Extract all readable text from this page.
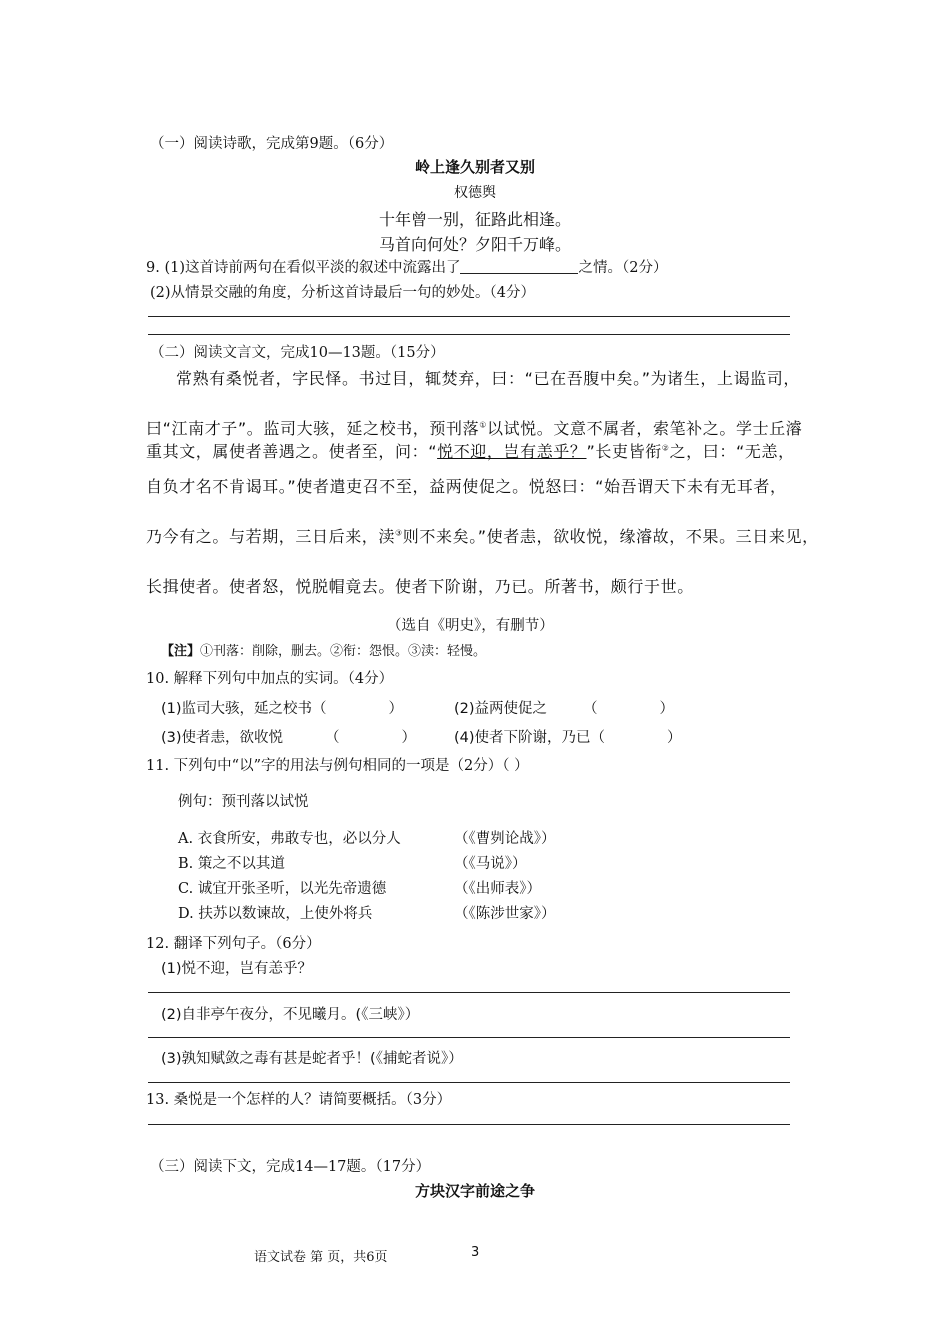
（一）阅读诗歌，完成第9题。（6分）
岭上逢久别者又别
权德舆
十年曾一别，征路此相逢。
马首向何处？夕阳千万峰。
9. (1)这首诗前两句在看似平淡的叙述中流露出了	之情。（2分）
(2)从情景交融的角度，分析这首诗最后一句的妙处。（4分）
（二）阅读文言文，完成10—13题。（15分）
常熟有桑悦者，字民怿。书过目，辄焚弃，曰：“已在吾腹中矣。”为诸生，上谒监司，
曰“江南才子”。监司大骇，延之校书，预刊落①以试悦。文意不属者，索笔补之。学士丘濬
重其文，属使者善遇之。使者至，问：“悦不迎，岂有恙乎？”长吏皆衔②之，曰：“无恙，
自负才名不肯谒耳。”使者遣吏召不至，益两使促之。悦怒曰：“始吾谓天下未有无耳者，
乃今有之。与若期，三日后来，渎③则不来矣。”使者恚，欲收悦，缘濬故，不果。三日来见，
长揖使者。使者怒，悦脱帽竟去。使者下阶谢，乃已。所著书，颇行于世。
（选自《明史》，有删节）
【注】①刊落：削除，删去。②衔：怨恨。③渎：轻慢。
10. 解释下列句中加点的实词。（4分）
(1)监司大骇，延之校书（	）	(2)益两使促之 （	）
(3)使者恚，欲收悦	（	）	(4)使者下阶谢，乃已（	）
11. 下列句中“以”字的用法与例句相同的一项是（2分）（ ）
例句：预刊落以试悦
A. 衣食所安，弗敢专也，必以分人	（《曹刿论战》）
B. 策之不以其道	（《马说》）
C. 诚宜开张圣听，以光先帝遗德	（《出师表》）
D. 扶苏以数谏故，上使外将兵	（《陈涉世家》）
12. 翻译下列句子。（6分）
(1)悦不迎，岂有恙乎？
(2)自非亭午夜分，不见曦月。(《三峡》）
(3)孰知赋敛之毒有甚是蛇者乎！(《捕蛇者说》）
13. 桑悦是一个怎样的人？请简要概括。（3分）
（三）阅读下文，完成14—17题。（17分）
方块汉字前途之争
语文试卷 第 页，共6页	3
